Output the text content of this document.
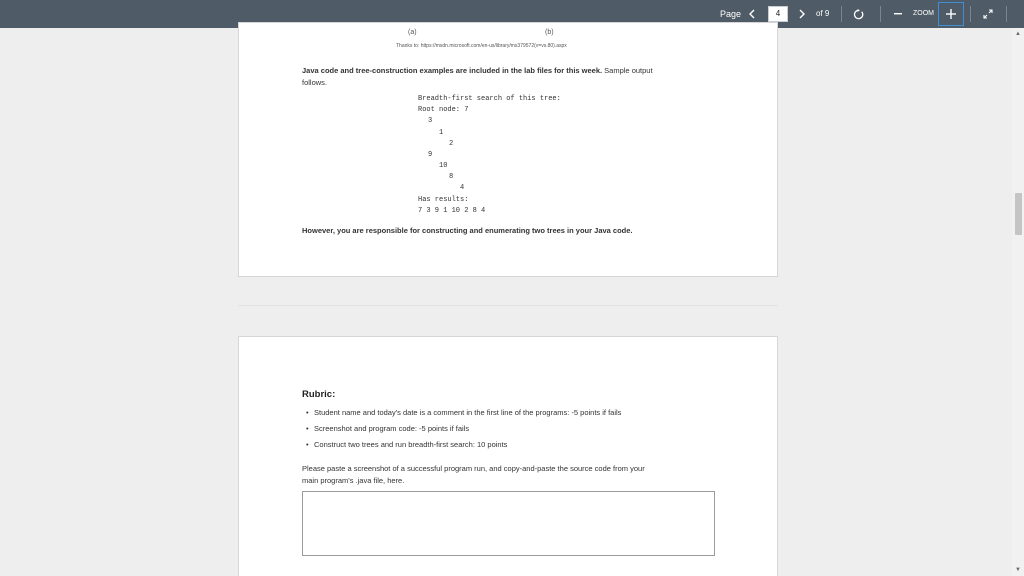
Page	4	of 9	ZOOM
(a)	(b)
Thanks to: https://msdn.microsoft.com/en-us/library/ms379572(v=vs.80).aspx
Java code and tree-construction examples are included in the lab files for this week. Sample output
follows.
Breadth-first search of this tree:
Root node: 7
3
1
2
9
10
8
4
Has results:
7 3 9 1 10 2 8 4
However, you are responsible for constructing and enumerating two trees in your Java code.
Rubric:
• Student name and today's date is a comment in the first line of the programs: -5 points if fails
• Screenshot and program code: -5 points if fails
• Construct two trees and run breadth-first search: 10 points
Please paste a screenshot of a successful program run, and copy-and-paste the source code from your
main program's .java file, here.
▲
▼
